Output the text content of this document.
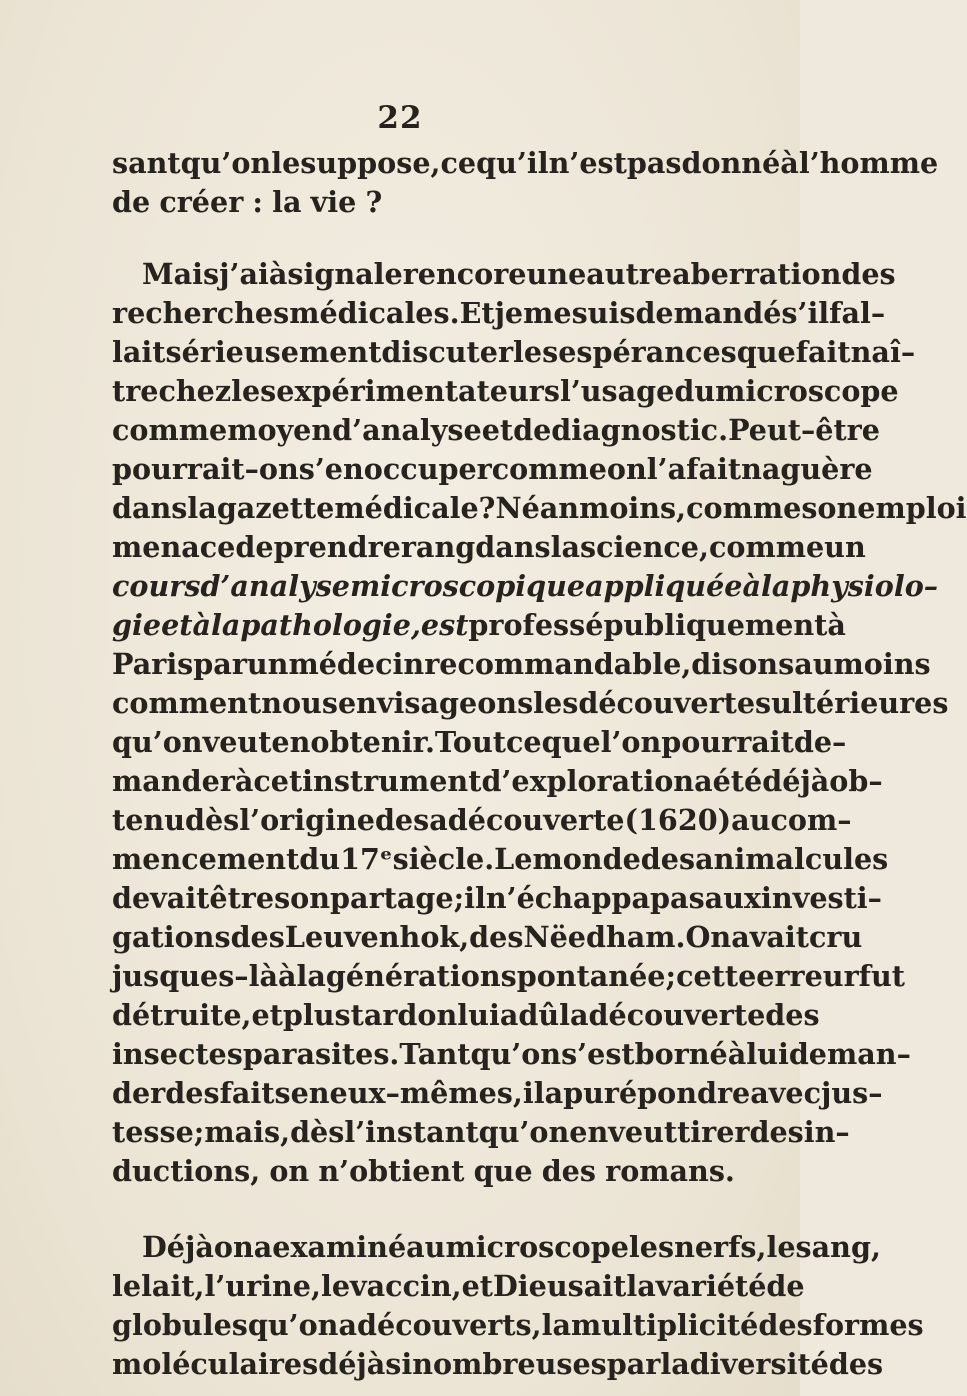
22
sant qu’on le suppose, ce qu’il n’est pas donné à l’homme
de créer : la vie ?
Mais j’ai à signaler encore une autre aberration des
recherches médicales. Et je me suis demandé s’il fal–
lait sérieusement discuter les espérances que fait naî–
tre chez les expérimentateurs l’usage du microscope
comme moyen d’analyse et de diagnostic. Peut–être
pourrait–on s’en occuper comme on l’a fait naguère
dans la gazette médicale? Néanmoins, comme son emploi
menace de prendre rang dans la science, comme un
cours d’analyse microscopique appliquée à la physiolo–
gie et à la pathologie, est professé publiquement à
Paris par un médecin recommandable, disons au moins
comment nous envisageons les découvertes ultérieures
qu’on veut en obtenir. Tout ce que l’on pourrait de–
mander à cet instrument d’exploration a été déjà ob–
tenu dès l’origine de sa découverte ( 1620 ) au com–
mencement du 17ᵉ siècle. Le monde des animalcules
devait être son partage ; il n’échappa pas aux investi–
gations des Leuvenhok, des Nëedham. On avait cru
jusques–là à la génération spontanée ; cette erreur fut
détruite, et plus tard on lui a dû la découverte des
insectes parasites. Tant qu’on s’est borné à lui deman–
der des faits en eux–mêmes, il a pu répondre avec jus–
tesse ; mais, dès l’instant qu’on en veut tirer des in–
ductions, on n’obtient que des romans.
Déjà on a examiné au microscope les nerfs, le sang,
le lait, l’urine, le vaccin, et Dieu sait la variété de
globules qu’on a découverts, la multiplicité des formes
moléculaires déjà si nombreuses par la diversité des
